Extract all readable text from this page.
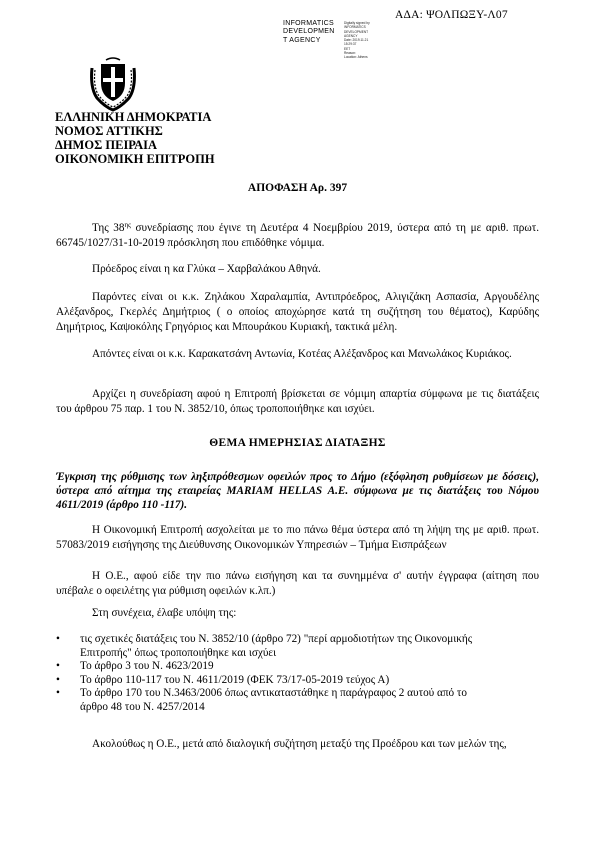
ΑΔΑ: ΨΟΛΠΩΞΥ-Λ07
INFORMATICS
DEVELOPMEN
T AGENCY
Digitally signed by
INFORMATICS
DEVELOPMENT AGENCY
Date: 2019.11.21 15:29:37
EET
Reason:
Location: Athens
ΕΛΛΗΝΙΚΗ ΔΗΜΟΚΡΑΤΙΑ
ΝΟΜΟΣ ΑΤΤΙΚΗΣ
ΔΗΜΟΣ ΠΕΙΡΑΙΑ
ΟΙΚΟΝΟΜΙΚΗ ΕΠΙΤΡΟΠΗ
ΑΠΟΦΑΣΗ Αρ. 397
Της $38^{\eta\varsigma}$ συνεδρίασης που έγινε τη Δευτέρα 4 Νοεμβρίου 2019, ύστερα από τη με αριθ. πρωτ. 66745/1027/31-10-2019 πρόσκληση που επιδόθηκε νόμιμα.
Πρόεδρος είναι η κα Γλύκα – Χαρβαλάκου Αθηνά.
Παρόντες είναι οι κ.κ. Ζηλάκου Χαραλαμπία, Αντιπρόεδρος, Αλιγιζάκη Ασπασία, Αργουδέλης Αλέξανδρος, Γκερλές Δημήτριος ( ο οποίος αποχώρησε κατά τη συζήτηση του θέματος), Καρύδης Δημήτριος, Καψοκόλης Γρηγόριος και Μπουράκου Κυριακή, τακτικά μέλη.
Απόντες είναι οι κ.κ. Καρακατσάνη Αντωνία, Κοτέας Αλέξανδρος και Μανωλάκος Κυριάκος.
Αρχίζει η συνεδρίαση αφού η Επιτροπή βρίσκεται σε νόμιμη απαρτία σύμφωνα με τις διατάξεις του άρθρου 75 παρ. 1 του Ν. 3852/10, όπως τροποποιήθηκε και ισχύει.
ΘΕΜΑ ΗΜΕΡΗΣΙΑΣ ΔΙΑΤΑΞΗΣ
Έγκριση της ρύθμισης των ληξιπρόθεσμων οφειλών προς το Δήμο (εξόφληση ρυθμίσεων με δόσεις), ύστερα από αίτημα της εταιρείας MARIAM HELLAS Α.Ε. σύμφωνα με τις διατάξεις του Νόμου 4611/2019 (άρθρο 110 -117).
Η Οικονομική Επιτροπή ασχολείται με το πιο πάνω θέμα ύστερα από τη λήψη της με αριθ. πρωτ. 57083/2019 εισήγησης της Διεύθυνσης Οικονομικών Υπηρεσιών – Τμήμα Εισπράξεων
Η Ο.Ε., αφού είδε την πιο πάνω εισήγηση και τα συνημμένα σ' αυτήν έγγραφα (αίτηση που υπέβαλε ο οφειλέτης για ρύθμιση οφειλών κ.λπ.)
Στη συνέχεια, έλαβε υπόψη της:
• τις σχετικές διατάξεις του Ν. 3852/10 (άρθρο 72) "περί αρμοδιοτήτων της Οικονομικής Επιτροπής" όπως τροποποιήθηκε και ισχύει
• Το άρθρο 3 του Ν. 4623/2019
• Το άρθρο 110-117 του Ν. 4611/2019 (ΦΕΚ 73/17-05-2019 τεύχος Α)
• Το άρθρο 170 του Ν.3463/2006 όπως αντικαταστάθηκε η παράγραφος 2 αυτού από το άρθρο 48 του Ν. 4257/2014
Ακολούθως η Ο.Ε., μετά από διαλογική συζήτηση μεταξύ της Προέδρου και των μελών της,
